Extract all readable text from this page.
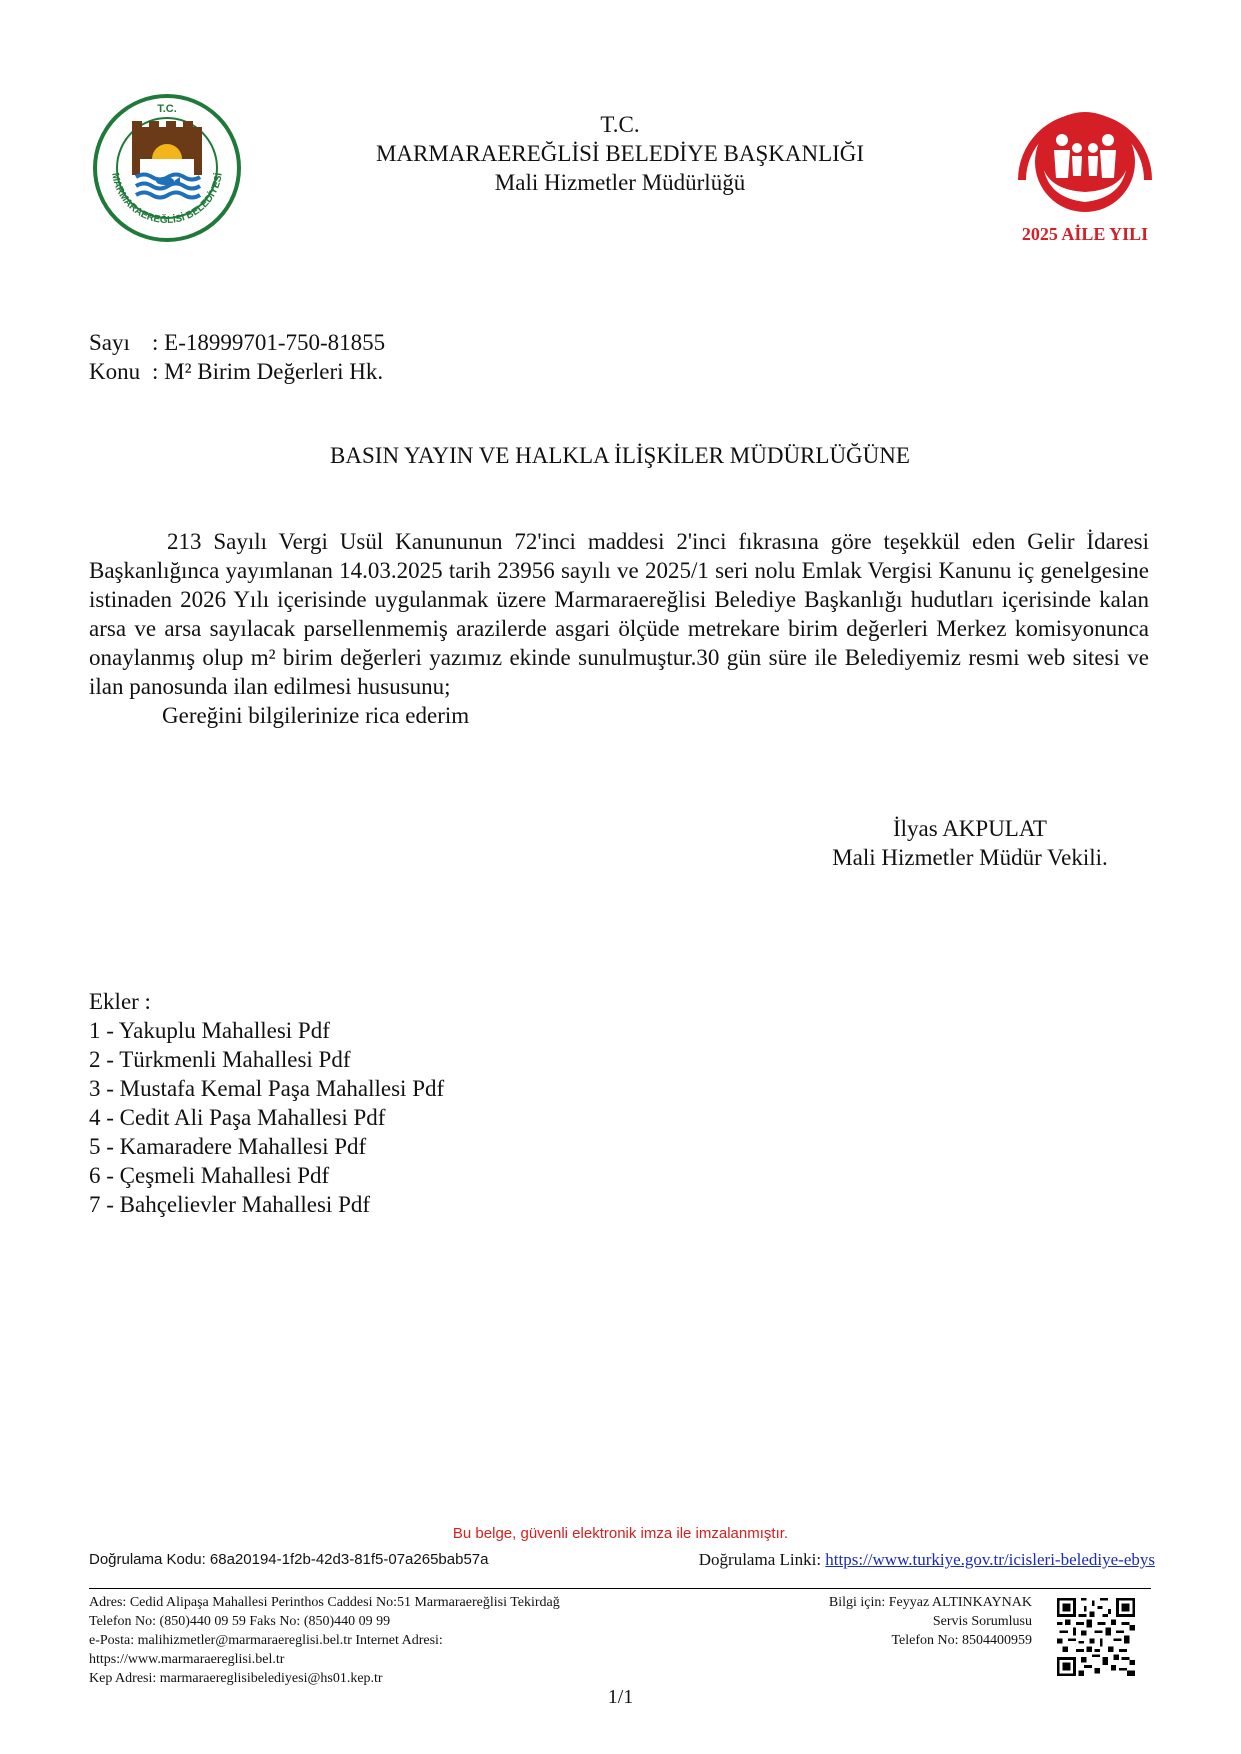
T.C.
MARMARAEREĞLİSİ BELEDİYESİ
2025 AİLE YILI
T.C.
MARMARAEREĞLİSİ BELEDİYE BAŞKANLIĞI
Mali Hizmetler Müdürlüğü
Sayı : E-18999701-750-81855
Konu : M² Birim Değerleri Hk.
BASIN YAYIN VE HALKLA İLİŞKİLER MÜDÜRLÜĞÜNE

213 Sayılı Vergi Usül Kanununun 72'inci maddesi 2'inci fıkrasına göre teşekkül eden Gelir İdaresi Başkanlığınca yayımlanan 14.03.2025 tarih 23956 sayılı ve 2025/1 seri nolu Emlak Vergisi Kanunu iç genelgesine istinaden 2026 Yılı içerisinde uygulanmak üzere Marmaraereğlisi Belediye Başkanlığı hudutları içerisinde kalan arsa ve arsa sayılacak parsellenmemiş arazilerde asgari ölçüde metrekare birim değerleri Merkez komisyonunca onaylanmış olup m² birim değerleri yazımız ekinde sunulmuştur.30 gün süre ile Belediyemiz resmi web sitesi ve ilan panosunda ilan edilmesi hususunu;

Gereğini bilgilerinize rica ederim

İlyas AKPULAT
Mali Hizmetler Müdür Vekili.
Ekler :
1 - Yakuplu Mahallesi Pdf
2 - Türkmenli Mahallesi Pdf
3 - Mustafa Kemal Paşa Mahallesi Pdf
4 - Cedit Ali Paşa Mahallesi Pdf
5 - Kamaradere Mahallesi Pdf
6 - Çeşmeli Mahallesi Pdf
7 - Bahçelievler Mahallesi Pdf
Bu belge, güvenli elektronik imza ile imzalanmıştır.
Doğrulama Kodu: 68a20194-1f2b-42d3-81f5-07a265bab57a	Doğrulama Linki: https://www.turkiye.gov.tr/icisleri-belediye-ebys
Adres: Cedid Alipaşa Mahallesi Perinthos Caddesi No:51 Marmaraereğlisi Tekirdağ
Telefon No: (850)440 09 59 Faks No: (850)440 09 99
e-Posta: malihizmetler@marmaraereglisi.bel.tr Internet Adresi:
https://www.marmaraereglisi.bel.tr
Kep Adresi: marmaraereglisibelediyesi@hs01.kep.tr
Bilgi için: Feyyaz ALTINKAYNAK
Servis Sorumlusu
Telefon No: 8504400959
1/1
